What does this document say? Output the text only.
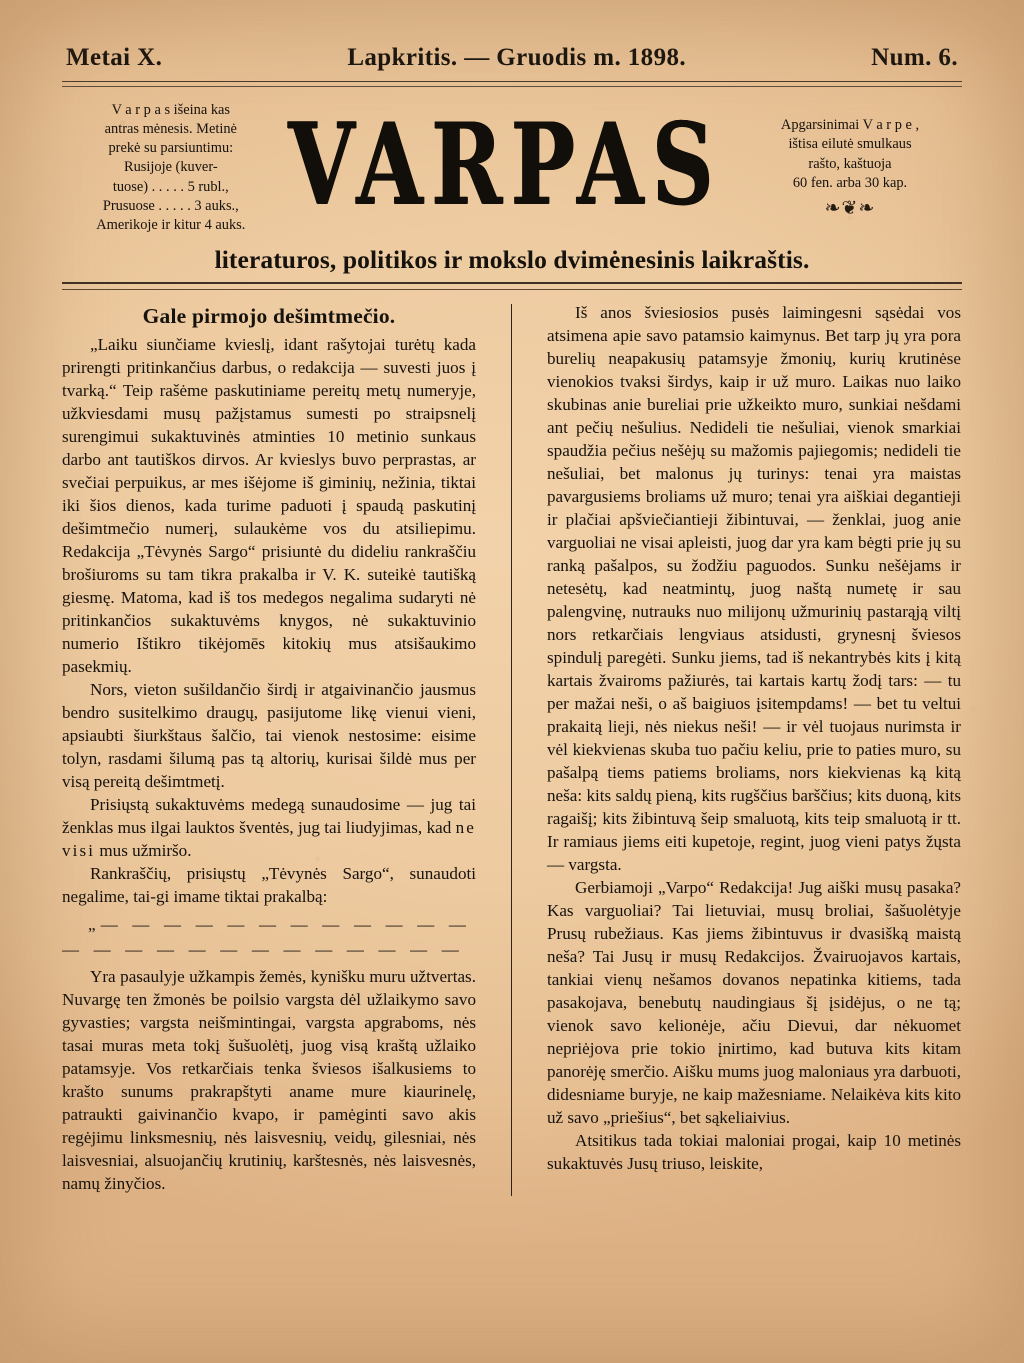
Metai X.	Lapkritis. — Gruodis m. 1898.	Num. 6.
V a r p a s išeina kas
antras mėnesis. Metinė
prekė su parsiuntimu:
Rusijoje (kuver-
tuose) . . . . . 5 rubl.,
Prusuose . . . . . 3 auks.,
Amerikoje ir kitur 4 auks. VARPAS	Apgarsinimai V a r p e ,
ištisa eilutė smulkaus
rašto, kaštuoja
60 fen. arba 30 kap.
❧❦❧
literaturos, politikos ir mokslo dvimėnesinis laikraštis.
Gale pirmojo dešimtmečio.

„Laiku siunčiame kvieslį, idant rašytojai turėtų kada prirengti pritinkančius darbus, o redakcija — suvesti juos į tvarką.“ Teip rašėme paskutiniame pereitų metų numeryje, užkviesdami musų pažįstamus sumesti po straipsnelį surengimui sukaktuvinės atminties 10 metinio sunkaus darbo ant tautiškos dirvos. Ar kvieslys buvo perprastas, ar svečiai perpuikus, ar mes išėjome iš giminių, nežinia, tiktai iki šios dienos, kada turime paduoti į spaudą paskutinį dešimtmečio numerį, sulaukėme vos du atsiliepimu. Redakcija „Tėvynės Sargo“ prisiuntė du dideliu rankraščiu brošiuroms su tam tikra prakalba ir V. K. suteikė tautišką giesmę. Matoma, kad iš tos medegos negalima sudaryti nė pritinkančios sukaktuvėms knygos, nė sukaktuvinio numerio Ištikro tikėjomēs kitokių mus atsišaukimo pasekmių.

Nors, vieton sušildančio širdį ir atgaivinančio jausmus bendro susitelkimo draugų, pasijutome likę vienui vieni, apsiaubti šiurkštaus šalčio, tai vienok nestosime: eisime tolyn, rasdami šilumą pas tą altorių, kurisai šildė mus per visą pereitą dešimtmetį.

Prisiųstą sukaktuvėms medegą sunaudosime — jug tai ženklas mus ilgai lauktos šventės, jug tai liudyjimas, kad ne visi mus užmiršo.

Rankraščių, prisiųstų „Tėvynės Sargo“, sunaudoti negalime, tai-gi imame tiktai prakalbą:

„— — — — — — — — — — — —
— — — — — — — — — — — — —

Yra pasaulyje užkampis žemės, kynišku muru užtvertas. Nuvargę ten žmonės be poilsio vargsta dėl užlaikymo savo gyvasties; vargsta neišmintingai, vargsta apgraboms, nės tasai muras meta tokį šušuolėtį, juog visą kraštą užlaiko patamsyje. Vos retkarčiais tenka šviesos išalkusiems to krašto sunums prakrapštyti aname mure kiaurinelę, patraukti gaivinančio kvapo, ir pamėginti savo akis regėjimu linksmesnių, nės laisvesnių, veidų, gilesniai, nės laisvesniai, alsuojančių krutinių, karštesnės, nės laisvesnės, namų žinyčios.

Iš anos šviesiosios pusės laimingesni sąsėdai vos atsimena apie savo patamsio kaimynus. Bet tarp jų yra pora burelių neapakusių patamsyje žmonių, kurių krutinėse vienokios tvaksi širdys, kaip ir už muro. Laikas nuo laiko skubinas anie bureliai prie užkeikto muro, sunkiai nešdami ant pečių nešulius. Nedideli tie nešuliai, vienok smarkiai spaudžia pečius nešėjų su mažomis pajiegomis; nedideli tie nešuliai, bet malonus jų turinys: tenai yra maistas pavargusiems broliams už muro; tenai yra aiškiai degantieji ir plačiai apšviečiantieji žibintuvai, — ženklai, juog anie varguoliai ne visai apleisti, juog dar yra kam bėgti prie jų su ranką pašalpos, su žodžiu paguodos. Sunku nešėjams ir netesėtų, kad neatmintų, juog naštą numetę ir sau palengvinę, nutrauks nuo milijonų užmurinių pastarąją viltį nors retkarčiais lengviaus atsidusti, grynesnį šviesos spindulį paregėti. Sunku jiems, tad iš nekantrybės kits į kitą kartais žvairoms pažiurės, tai kartais kartų žodį tars: — tu per mažai neši, o aš baigiuos įsitempdams! — bet tu veltui prakaitą lieji, nės niekus neši! — ir vėl tuojaus nurimsta ir vėl kiekvienas skuba tuo pačiu keliu, prie to paties muro, su pašalpą tiems patiems broliams, nors kiekvienas ką kitą neša: kits saldų pieną, kits rugščius barščius; kits duoną, kits ragaišį; kits žibintuvą šeip smaluotą, kits teip smaluotą ir tt. Ir ramiaus jiems eiti kupetoje, regint, juog vieni patys žųsta — vargsta.

Gerbiamoji „Varpo“ Redakcija! Jug aiški musų pasaka? Kas varguoliai? Tai lietuviai, musų broliai, šašuolėtyje Prusų rubežiaus. Kas jiems žibintuvus ir dvasišką maistą neša? Tai Jusų ir musų Redakcijos. Žvairuojavos kartais, tankiai vienų nešamos dovanos nepatinka kitiems, tada pasakojava, benebutų naudingiaus šį įsidėjus, o ne tą; vienok savo kelionėje, ačiu Dievui, dar nėkuomet nepriėjova prie tokio įnirtimo, kad butuva kits kitam panorėję smerčio. Aišku mums juog maloniaus yra darbuoti, didesniame buryje, ne kaip mažesniame. Nelaikėva kits kito už savo „priešius“, bet sąkeliaivius.

Atsitikus tada tokiai maloniai progai, kaip 10 metinės sukaktuvės Jusų triuso, leiskite,
